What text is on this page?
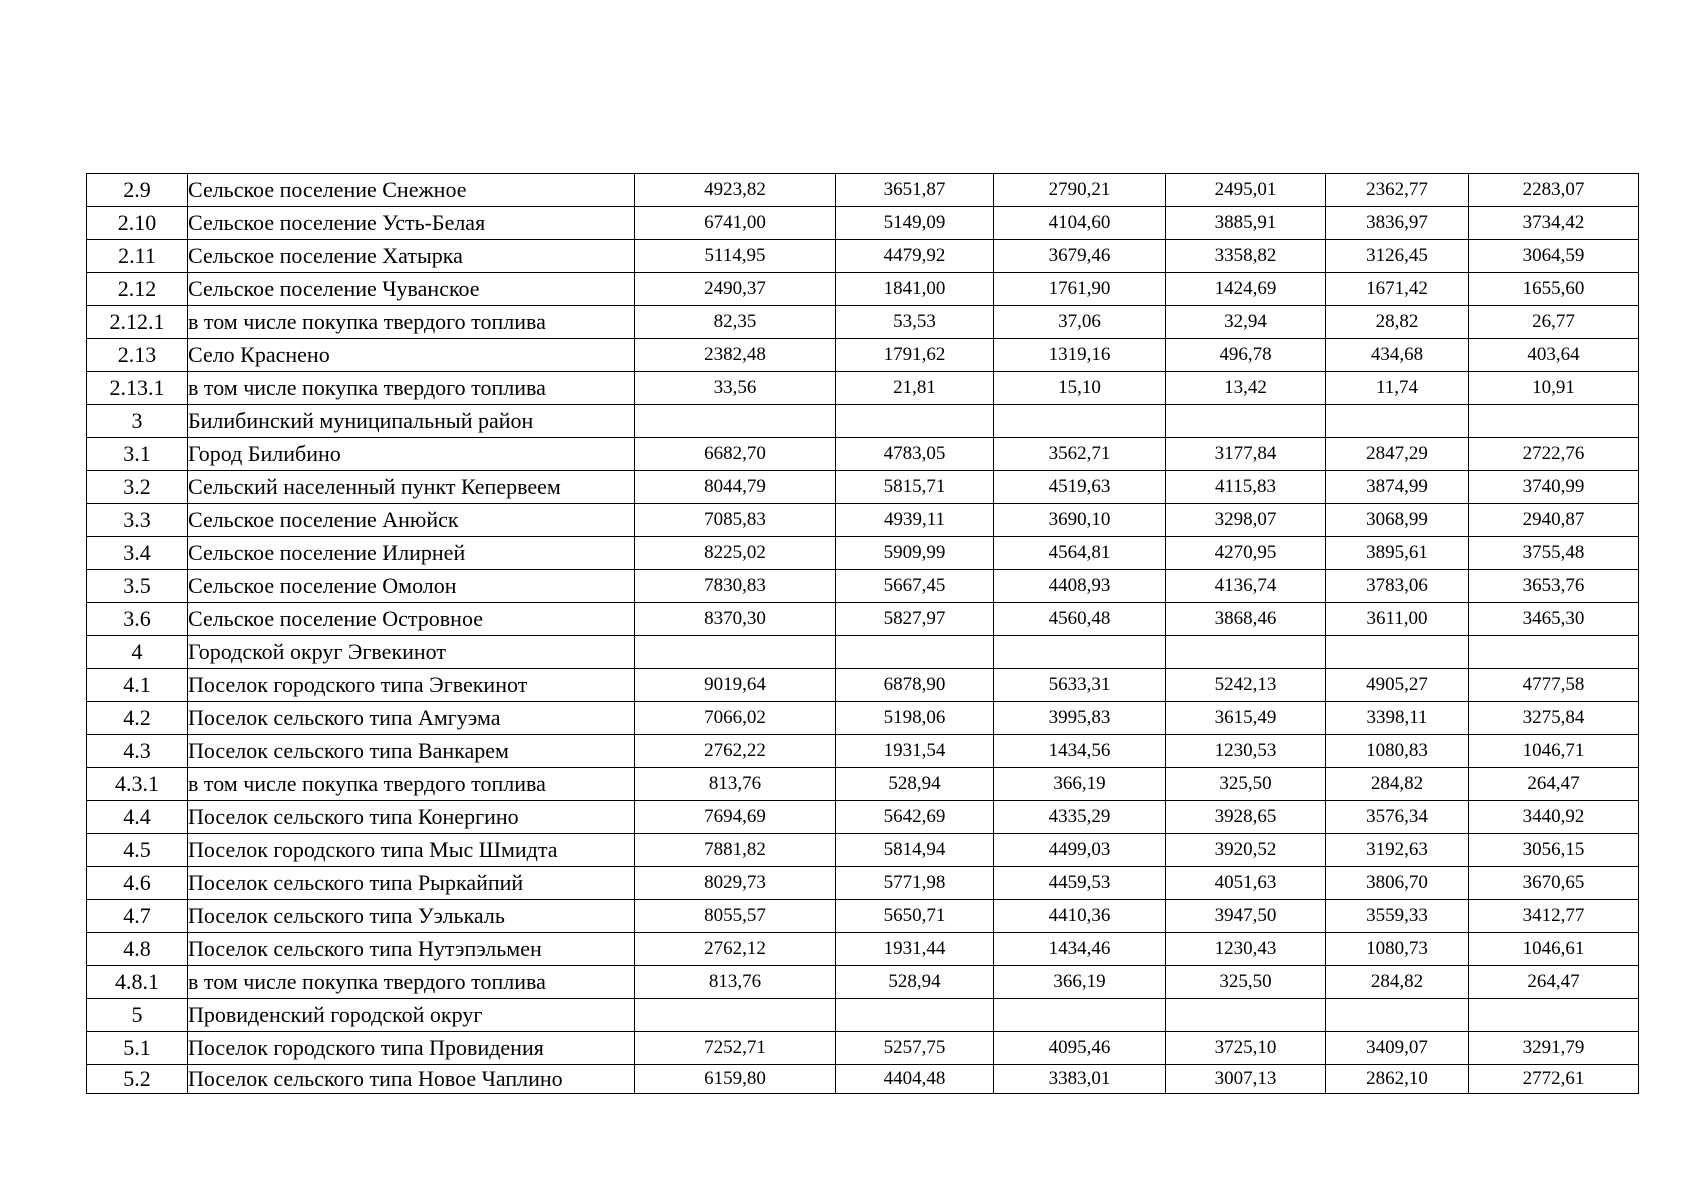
2.9	Сельское поселение Снежное	4923,82	3651,87	2790,21	2495,01	2362,77	2283,07
2.10	Сельское поселение Усть-Белая	6741,00	5149,09	4104,60	3885,91	3836,97	3734,42
2.11	Сельское поселение Хатырка	5114,95	4479,92	3679,46	3358,82	3126,45	3064,59
2.12	Сельское поселение Чуванское	2490,37	1841,00	1761,90	1424,69	1671,42	1655,60
2.12.1	в том числе покупка твердого топлива	82,35	53,53	37,06	32,94	28,82	26,77
2.13	Село Краснено	2382,48	1791,62	1319,16	496,78	434,68	403,64
2.13.1	в том числе покупка твердого топлива	33,56	21,81	15,10	13,42	11,74	10,91
3	Билибинский муниципальный район						
3.1	Город Билибино	6682,70	4783,05	3562,71	3177,84	2847,29	2722,76
3.2	Сельский населенный пункт Кепервеем	8044,79	5815,71	4519,63	4115,83	3874,99	3740,99
3.3	Сельское поселение Анюйск	7085,83	4939,11	3690,10	3298,07	3068,99	2940,87
3.4	Сельское поселение Илирней	8225,02	5909,99	4564,81	4270,95	3895,61	3755,48
3.5	Сельское поселение Омолон	7830,83	5667,45	4408,93	4136,74	3783,06	3653,76
3.6	Сельское поселение Островное	8370,30	5827,97	4560,48	3868,46	3611,00	3465,30
4	Городской округ Эгвекинот						
4.1	Поселок городского типа Эгвекинот	9019,64	6878,90	5633,31	5242,13	4905,27	4777,58
4.2	Поселок сельского типа Амгуэма	7066,02	5198,06	3995,83	3615,49	3398,11	3275,84
4.3	Поселок сельского типа Ванкарем	2762,22	1931,54	1434,56	1230,53	1080,83	1046,71
4.3.1	в том числе покупка твердого топлива	813,76	528,94	366,19	325,50	284,82	264,47
4.4	Поселок сельского типа Конергино	7694,69	5642,69	4335,29	3928,65	3576,34	3440,92
4.5	Поселок городского типа Мыс Шмидта	7881,82	5814,94	4499,03	3920,52	3192,63	3056,15
4.6	Поселок сельского типа Рыркайпий	8029,73	5771,98	4459,53	4051,63	3806,70	3670,65
4.7	Поселок сельского типа Уэлькаль	8055,57	5650,71	4410,36	3947,50	3559,33	3412,77
4.8	Поселок сельского типа Нутэпэльмен	2762,12	1931,44	1434,46	1230,43	1080,73	1046,61
4.8.1	в том числе покупка твердого топлива	813,76	528,94	366,19	325,50	284,82	264,47
5	Провиденский городской округ						
5.1	Поселок городского типа Провидения	7252,71	5257,75	4095,46	3725,10	3409,07	3291,79
5.2	Поселок сельского типа Новое Чаплино	6159,80	4404,48	3383,01	3007,13	2862,10	2772,61
